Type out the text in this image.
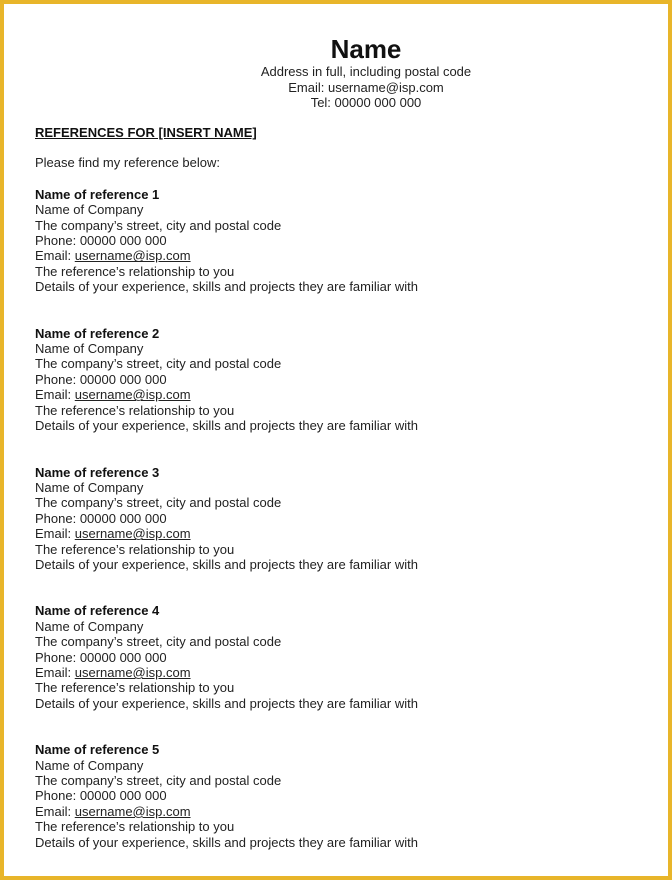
Name
Address in full, including postal code
Email: username@isp.com
Tel: 00000 000 000
REFERENCES FOR [INSERT NAME]
Please find my reference below:
Name of reference 1
Name of Company
The company’s street, city and postal code
Phone: 00000 000 000
Email: username@isp.com
The reference’s relationship to you
Details of your experience, skills and projects they are familiar with
Name of reference 2
Name of Company
The company’s street, city and postal code
Phone: 00000 000 000
Email: username@isp.com
The reference’s relationship to you
Details of your experience, skills and projects they are familiar with
Name of reference 3
Name of Company
The company’s street, city and postal code
Phone: 00000 000 000
Email: username@isp.com
The reference’s relationship to you
Details of your experience, skills and projects they are familiar with
Name of reference 4
Name of Company
The company’s street, city and postal code
Phone: 00000 000 000
Email: username@isp.com
The reference’s relationship to you
Details of your experience, skills and projects they are familiar with
Name of reference 5
Name of Company
The company’s street, city and postal code
Phone: 00000 000 000
Email: username@isp.com
The reference’s relationship to you
Details of your experience, skills and projects they are familiar with
